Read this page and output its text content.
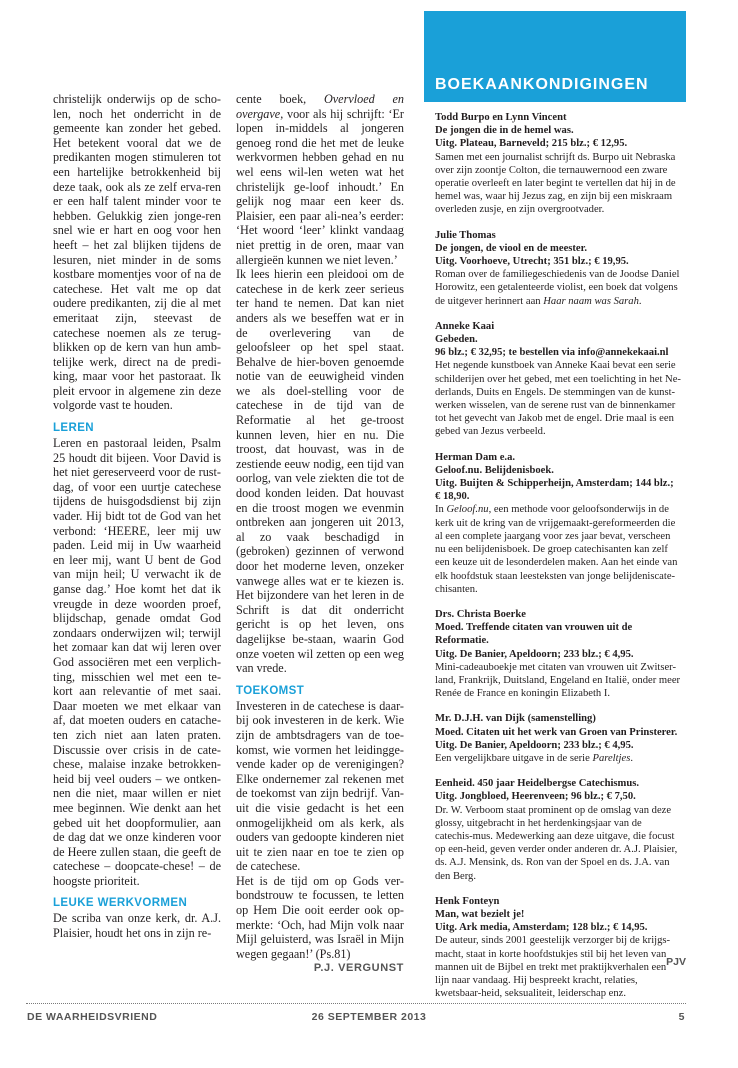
christelijk onderwijs op de scho-len, noch het onderricht in de gemeente kan zonder het gebed. Het betekent vooral dat we de predikanten mogen stimuleren tot een hartelijke betrokkenheid bij deze taak, ook als ze zelf erva-ren er een half talent minder voor te hebben. Gelukkig zien jonge-ren snel wie er hart en oog voor hen heeft – het zal blijken tijdens de lesuren, niet minder in de soms kostbare momentjes voor of na de catechese. Het valt me op dat oudere predikanten, zij die al met emeritaat zijn, steevast de catechese noemen als ze terug-blikken op de kern van hun amb-telijke werk, direct na de predi-king, maar voor het pastoraat. Ik pleit ervoor in algemene zin deze volgorde vast te houden.

LEREN

Leren en pastoraal leiden, Psalm 25 houdt dit bijeen. Voor David is het niet gereserveerd voor de rust-dag, of voor een uurtje catechese tijdens de huisgodsdienst bij zijn vader. Hij bidt tot de God van het verbond: ‘HEERE, leer mij uw paden. Leid mij in Uw waarheid en leer mij, want U bent de God van mijn heil; U verwacht ik de ganse dag.’ Hoe komt het dat ik vreugde in deze woorden proef, blijdschap, genade omdat God zondaars onderwijzen wil; terwijl het zomaar kan dat wij leren over God associëren met een verplich-ting, misschien wel met een te-kort aan relevantie of met saai. Daar moeten we met elkaar van af, dat moeten ouders en catache-ten zich niet aan laten praten. Discussie over crisis in de cate-chese, malaise inzake betrokken-heid bij veel ouders – we ontken-nen die niet, maar willen er niet mee beginnen. Wie denkt aan het gebed uit het doopformulier, aan de dag dat we onze kinderen voor de Heere zullen staan, die geeft de catechese – doopcate-chese! – de hoogste prioriteit.

LEUKE WERKVORMEN

De scriba van onze kerk, dr. A.J. Plaisier, houdt het ons in zijn re-

cente boek, Overvloed en overgave, voor als hij schrijft: ‘Er lopen in-middels al jongeren genoeg rond die het met de leuke werkvormen hebben gehad en nu wel eens wil-len weten wat het christelijk ge-loof inhoudt.’ En gelijk nog maar een keer ds. Plaisier, een paar ali-nea’s eerder: ‘Het woord ‘leer’ klinkt vandaag niet prettig in de oren, maar van allergieën kunnen we niet leven.’

Ik lees hierin een pleidooi om de catechese in de kerk zeer serieus ter hand te nemen. Dat kan niet anders als we beseffen wat er in de overlevering van de geloofsleer op het spel staat. Behalve de hier-boven genoemde notie van de eeuwigheid vinden we als doel-stelling voor de catechese in de tijd van de Reformatie al het ge-troost kunnen leven, hier en nu. Die troost, dat houvast, was in de zestiende eeuw nodig, een tijd van oorlog, van vele ziekten die tot de dood konden leiden. Dat houvast en die troost mogen we evenmin ontbreken aan jongeren uit 2013, al zo vaak beschadigd in (gebroken) gezinnen of verwond door het moderne leven, onzeker vanwege alles wat er te kiezen is. Het bijzondere van het leren in de Schrift is dat dit onderricht gericht is op het leven, ons dagelijkse be-staan, waarin God onze voeten wil zetten op een weg van vrede.

TOEKOMST

Investeren in de catechese is daar-bij ook investeren in de kerk. Wie zijn de ambtsdragers van de toe-komst, wie vormen het leidingge-vende kader op de verenigingen? Elke ondernemer zal rekenen met de toekomst van zijn bedrijf. Van-uit die visie gedacht is het een onmogelijkheid om als kerk, als ouders van gedoopte kinderen niet uit te zien naar en toe te zien op de catechese.

Het is de tijd om op Gods ver-bondstrouw te focussen, te letten op Hem Die ooit eerder ook op-merkte: ‘Och, had Mijn volk naar Mijl geluisterd, was Israël in Mijn wegen gegaan!’ (Ps.81)

P.J. VERGUNST
BOEKAANKONDIGINGEN
Todd Burpo en Lynn Vincent
De jongen die in de hemel was.
Uitg. Plateau, Barneveld; 215 blz.; € 12,95.
Samen met een journalist schrijft ds. Burpo uit Nebraska over zijn zoontje Colton, die ternauwernood een zware operatie overleeft en later begint te vertellen dat hij in de hemel was, waar hij Jezus zag, en zijn bij een miskraam overleden zusje, en zijn overgrootvader.
Julie Thomas
De jongen, de viool en de meester.
Uitg. Voorhoeve, Utrecht; 351 blz.; € 19,95.
Roman over de familiegeschiedenis van de Joodse Daniel Horowitz, een getalenteerde violist, een boek dat volgens de uitgever herinnert aan Haar naam was Sarah.
Anneke Kaai
Gebeden.
96 blz.; € 32,95; te bestellen via info@annekekaai.nl
Het negende kunstboek van Anneke Kaai bevat een serie schilderijen over het gebed, met een toelichting in het Ne-derlands, Duits en Engels. De stemmingen van de kunst-werken wisselen, van de serene rust van de binnenkamer tot het gevecht van Jakob met de engel. Drie maal is een gebed van Jezus verbeeld.
Herman Dam e.a.
Geloof.nu. Belijdenisboek.
Uitg. Buijten & Schipperheijn, Amsterdam; 144 blz.; € 18,90.
In Geloof.nu, een methode voor geloofsonderwijs in de kerk uit de kring van de vrijgemaakt-gereformeerden die al een complete jaargang voor zes jaar bevat, verscheen nu een belijdenisboek. De groep catechisanten kan zelf een keuze uit de lesonderdelen maken. Aan het einde van elk hoofdstuk staan leesteksten van jonge belijdeniscate-chisanten.
Drs. Christa Boerke
Moed. Treffende citaten van vrouwen uit de Reformatie.
Uitg. De Banier, Apeldoorn; 233 blz.; € 4,95.
Mini-cadeauboekje met citaten van vrouwen uit Zwitser-land, Frankrijk, Duitsland, Engeland en Italië, onder meer Renée de France en koningin Elizabeth I.
Mr. D.J.H. van Dijk (samenstelling)
Moed. Citaten uit het werk van Groen van Prinsterer.
Uitg. De Banier, Apeldoorn; 233 blz.; € 4,95.
Een vergelijkbare uitgave in de serie Pareltjes.
Eenheid. 450 jaar Heidelbergse Catechismus.
Uitg. Jongbloed, Heerenveen; 96 blz.; € 7,50.
Dr. W. Verboom staat prominent op de omslag van deze glossy, uitgebracht in het herdenkingsjaar van de catechis-mus. Medewerking aan deze uitgave, die focust op een-heid, geven verder onder anderen dr. A.J. Plaisier, ds. A.J. Mensink, ds. Ron van der Spoel en ds. J.A. van den Berg.
Henk Fonteyn
Man, wat bezielt je!
Uitg. Ark media, Amsterdam; 128 blz.; € 14,95.
De auteur, sinds 2001 geestelijk verzorger bij de krijgs-macht, staat in korte hoofdstukjes stil bij het leven van mannen uit de Bijbel en trekt met praktijkverhalen een lijn naar vandaag. Hij bespreekt kracht, relaties, kwetsbaar-heid, seksualiteit, leiderschap enz.
PJV
DE WAARHEIDSVRIEND	26 SEPTEMBER 2013	5
